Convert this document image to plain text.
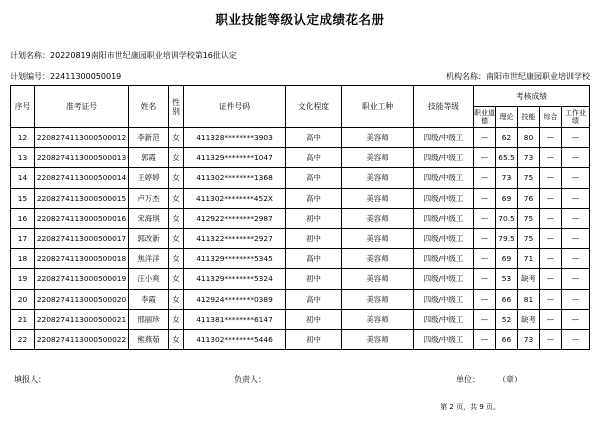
职业技能等级认定成绩花名册
计划名称：20220819南阳市世纪康园职业培训学校第16批认定
计划编号：22411300050019	机构名称：南阳市世纪康园职业培训学校
序号	准考证号	姓名	性别	证件号码	文化程度	职业工种	技能等级	考核成绩				
								职业道德	理论	技能	综合	工作业绩
12	2208274113000500012	李新范	女	411328********3903	高中	美容师	四级/中级工	—	62	80	—	—
13	2208274113000500013	郭霞	女	411329********1047	高中	美容师	四级/中级工	—	65.5	73	—	—
14	2208274113000500014	王婷婷	女	411302********1368	高中	美容师	四级/中级工	—	73	75	—	—
15	2208274113000500015	卢万杰	女	411302********452X	高中	美容师	四级/中级工	—	69	76	—	—
16	2208274113000500016	宋海琪	女	412922********2987	初中	美容师	四级/中级工	—	70.5	75	—	—
17	2208274113000500017	郭改新	女	411322********2927	初中	美容师	四级/中级工	—	79.5	75	—	—
18	2208274113000500018	焦洋洋	女	411329********5345	高中	美容师	四级/中级工	—	69	71	—	—
19	2208274113000500019	汪小爽	女	411329********5324	初中	美容师	四级/中级工	—	53	缺考	—	—
20	2208274113000500020	李霞	女	412924********0389	高中	美容师	四级/中级工	—	66	81	—	—
21	2208274113000500021	邢丽珍	女	411381********6147	初中	美容师	四级/中级工	—	52	缺考	—	—
22	2208274113000500022	熊燕茹	女	411302********5446	初中	美容师	四级/中级工	—	66	73	—	—
填报人：	负责人：	单位： （章）
第 2 页，共 9 页。
